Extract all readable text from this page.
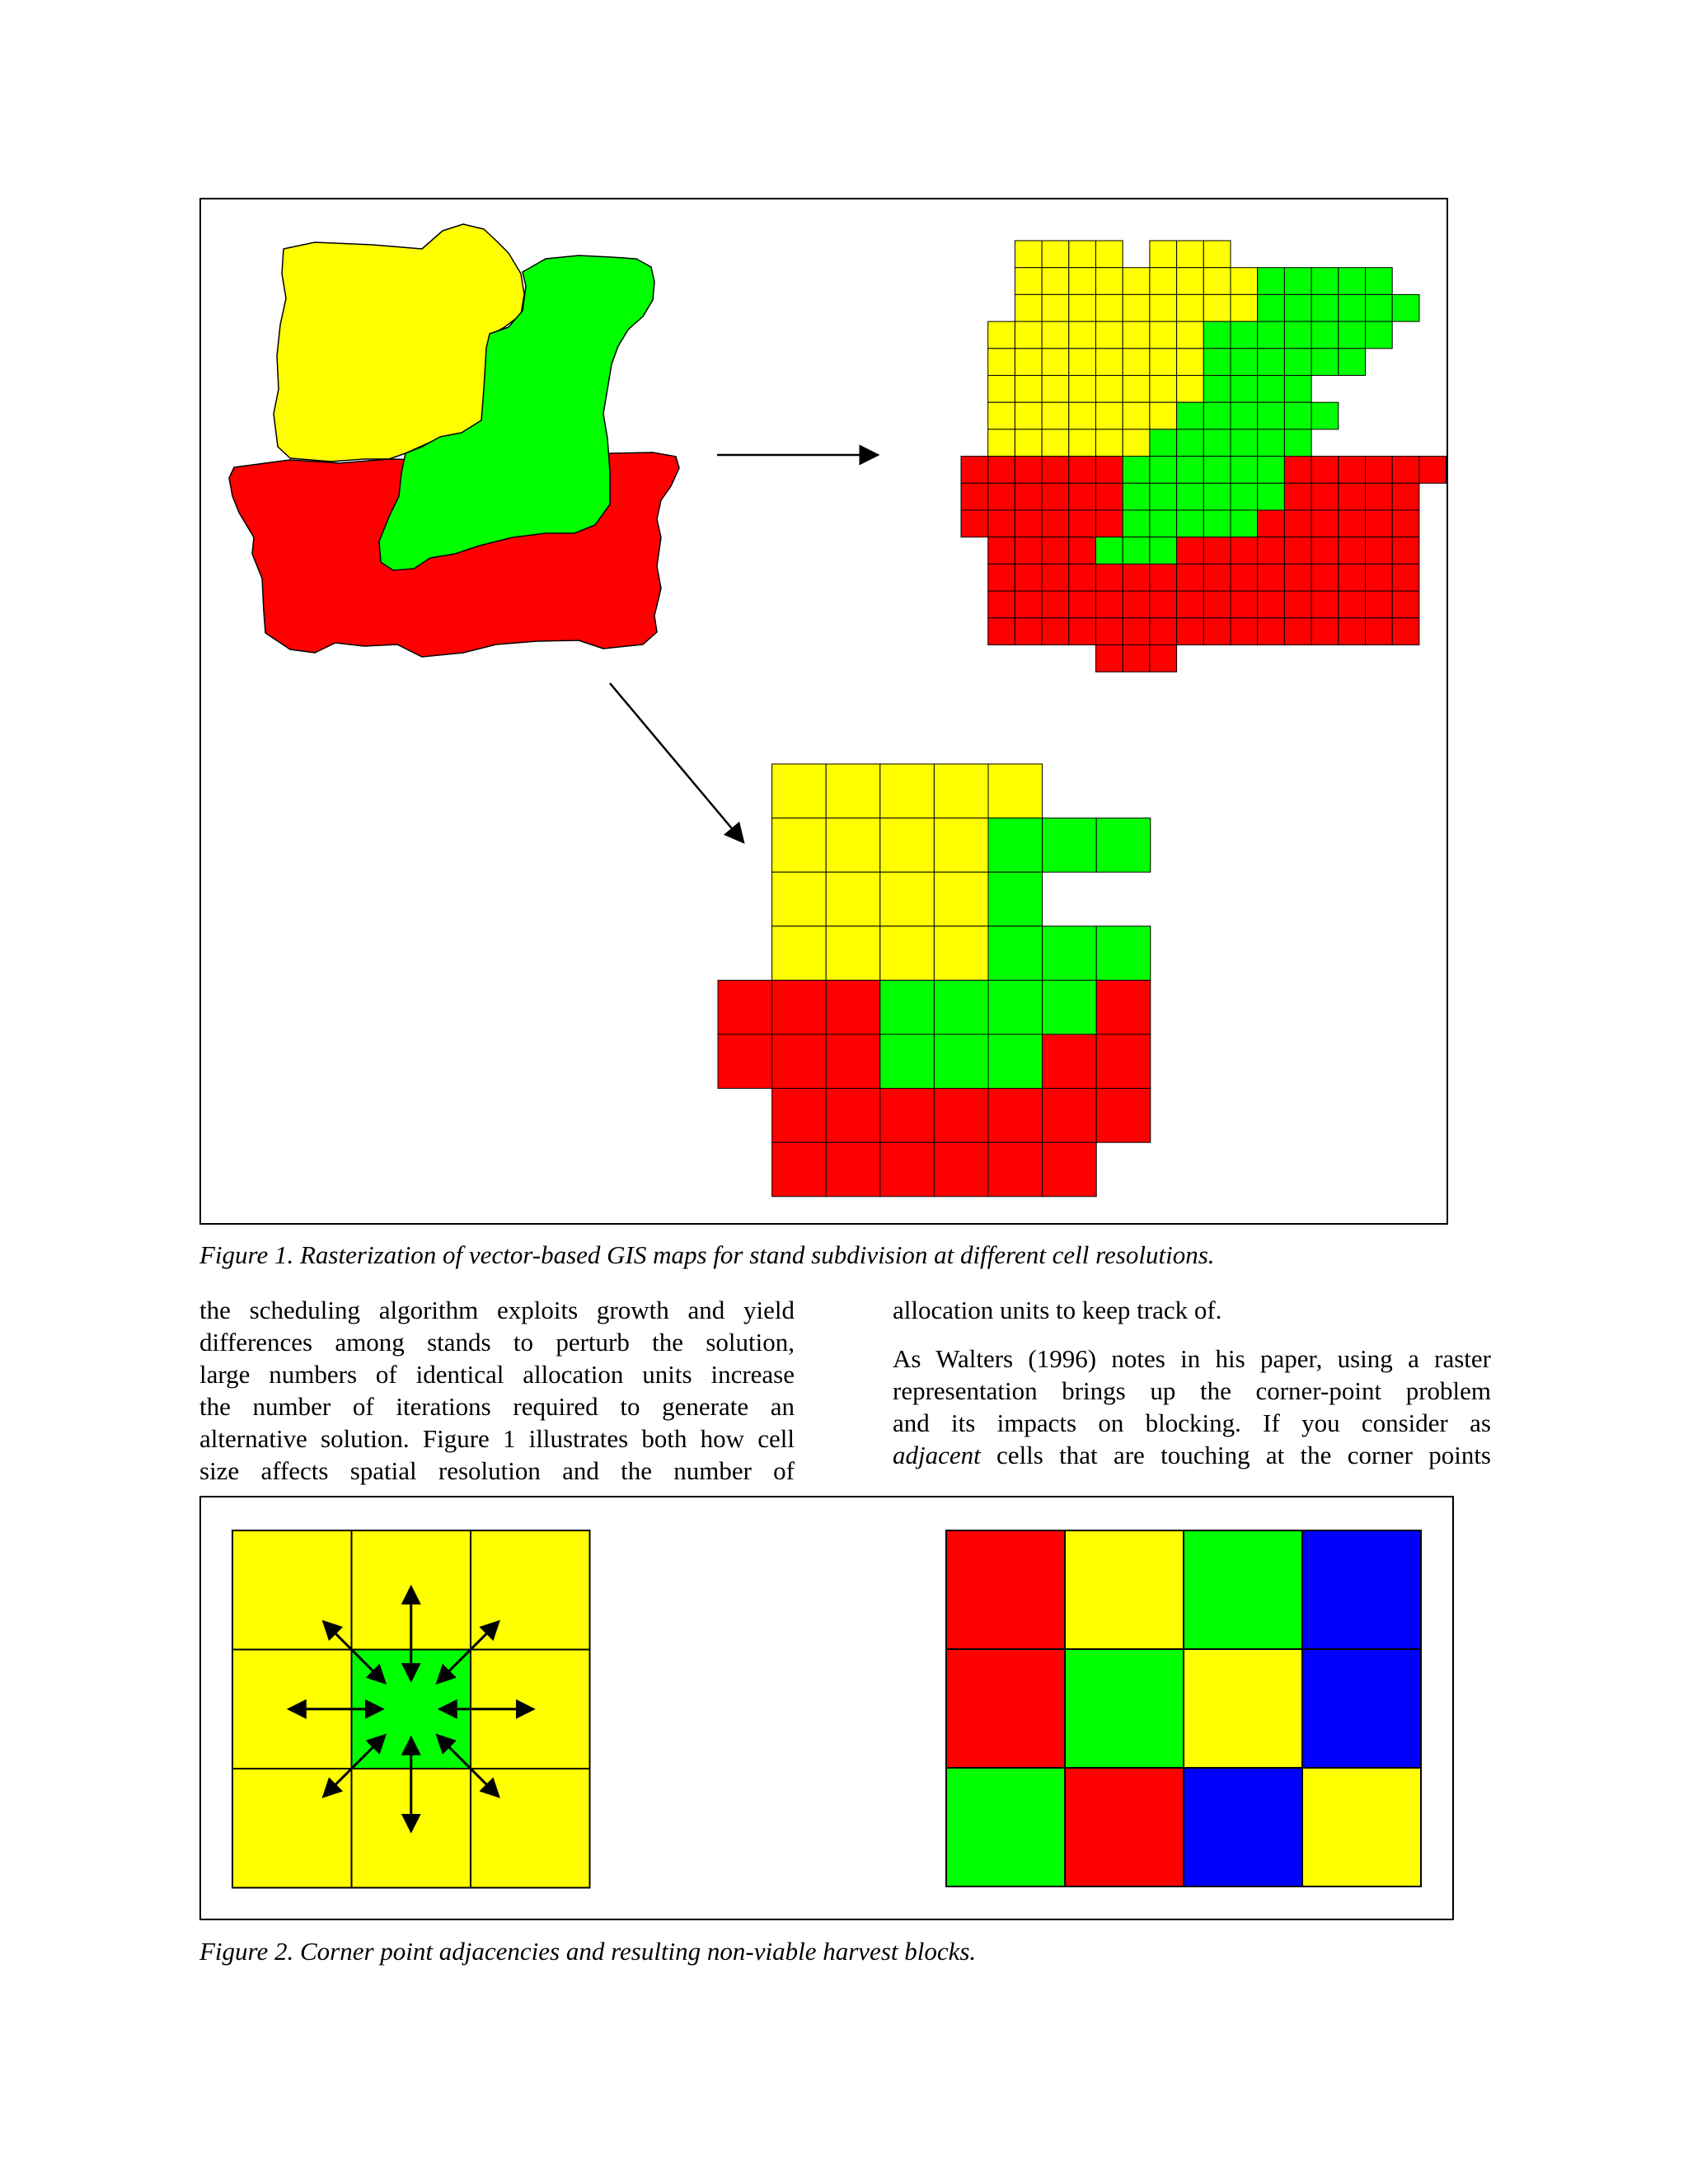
Figure 1. Rasterization of vector-based GIS maps for stand subdivision at different cell resolutions.
the scheduling algorithm exploits growth and yield
differences among stands to perturb the solution,
large numbers of identical allocation units increase
the number of iterations required to generate an
alternative solution. Figure 1 illustrates both how cell
size affects spatial resolution and the number of
allocation units to keep track of.
As Walters (1996) notes in his paper, using a raster
representation brings up the corner-point problem
and its impacts on blocking. If you consider as
adjacent cells that are touching at the corner points
Figure 2. Corner point adjacencies and resulting non-viable harvest blocks.
